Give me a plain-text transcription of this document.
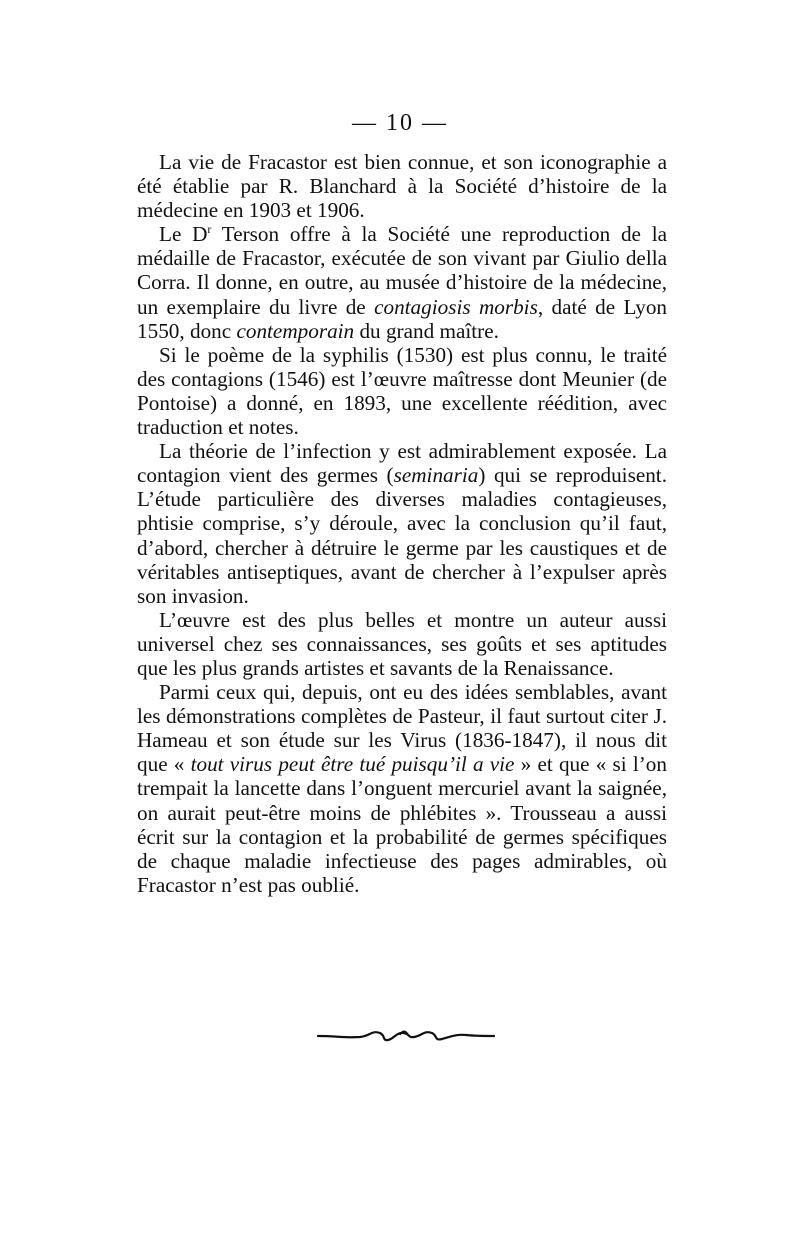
— 10 —

La vie de Fracastor est bien connue, et son iconographie a été établie par R. Blanchard à la Société d’histoire de la médecine en 1903 et 1906.

Le $D^r$ Terson offre à la Société une reproduction de la médaille de Fracastor, exécutée de son vivant par Giulio della Corra. Il donne, en outre, au musée d’histoire de la médecine, un exemplaire du livre de contagiosis morbis, daté de Lyon 1550, donc contemporain du grand maître.

Si le poème de la syphilis (1530) est plus connu, le traité des contagions (1546) est l’œuvre maîtresse dont Meunier (de Pontoise) a donné, en 1893, une excellente réédition, avec traduction et notes.

La théorie de l’infection y est admirablement exposée. La contagion vient des germes (seminaria) qui se reproduisent. L’étude particulière des diverses maladies contagieuses, phtisie comprise, s’y déroule, avec la conclusion qu’il faut, d’abord, chercher à détruire le germe par les caustiques et de véritables antiseptiques, avant de chercher à l’expulser après son invasion.

L’œuvre est des plus belles et montre un auteur aussi universel chez ses connaissances, ses goûts et ses aptitudes que les plus grands artistes et savants de la Renaissance.

Parmi ceux qui, depuis, ont eu des idées semblables, avant les démonstrations complètes de Pasteur, il faut surtout citer J. Hameau et son étude sur les Virus (1836-1847), il nous dit que « tout virus peut être tué puisqu’il a vie » et que « si l’on trempait la lancette dans l’onguent mercuriel avant la saignée, on aurait peut-être moins de phlébites ». Trousseau a aussi écrit sur la contagion et la probabilité de germes spécifiques de chaque maladie infectieuse des pages admirables, où Fracastor n’est pas oublié.
